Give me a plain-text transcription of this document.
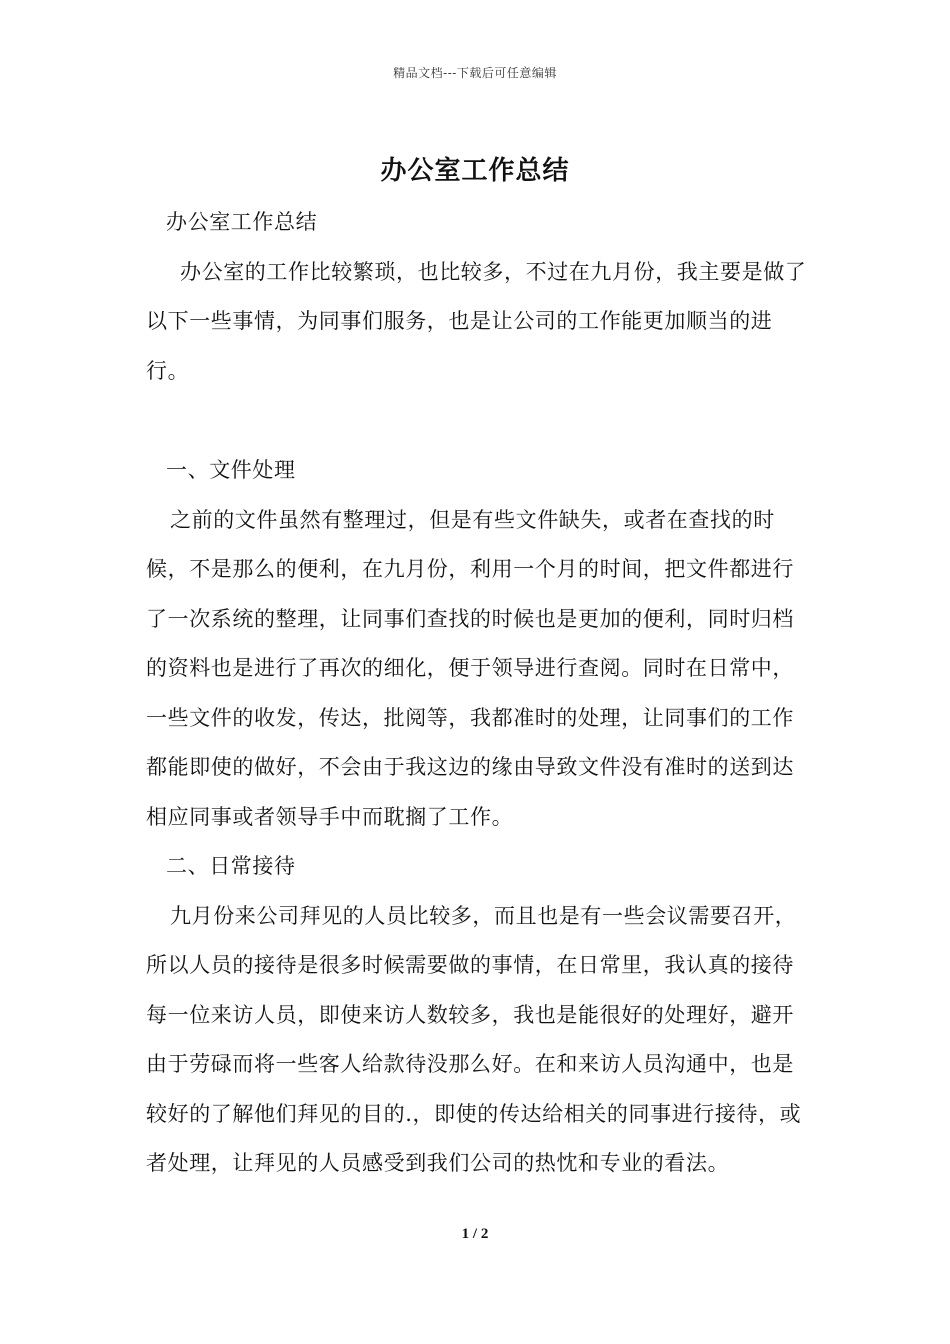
精品文档---下载后可任意编辑
办公室工作总结

办公室工作总结

办公室的工作比较繁琐，也比较多，不过在九月份，我主要是做了以下一些事情，为同事们服务，也是让公司的工作能更加顺当的进行。

一、文件处理

之前的文件虽然有整理过，但是有些文件缺失，或者在查找的时候，不是那么的便利，在九月份，利用一个月的时间，把文件都进行了一次系统的整理，让同事们查找的时候也是更加的便利，同时归档的资料也是进行了再次的细化，便于领导进行查阅。同时在日常中，一些文件的收发，传达，批阅等，我都准时的处理，让同事们的工作都能即使的做好，不会由于我这边的缘由导致文件没有准时的送到达相应同事或者领导手中而耽搁了工作。

二、日常接待

九月份来公司拜见的人员比较多，而且也是有一些会议需要召开，所以人员的接待是很多时候需要做的事情，在日常里，我认真的接待每一位来访人员，即使来访人数较多，我也是能很好的处理好，避开由于劳碌而将一些客人给款待没那么好。在和来访人员沟通中，也是较好的了解他们拜见的目的.，即使的传达给相关的同事进行接待，或者处理，让拜见的人员感受到我们公司的热忱和专业的看法。

1 / 2
